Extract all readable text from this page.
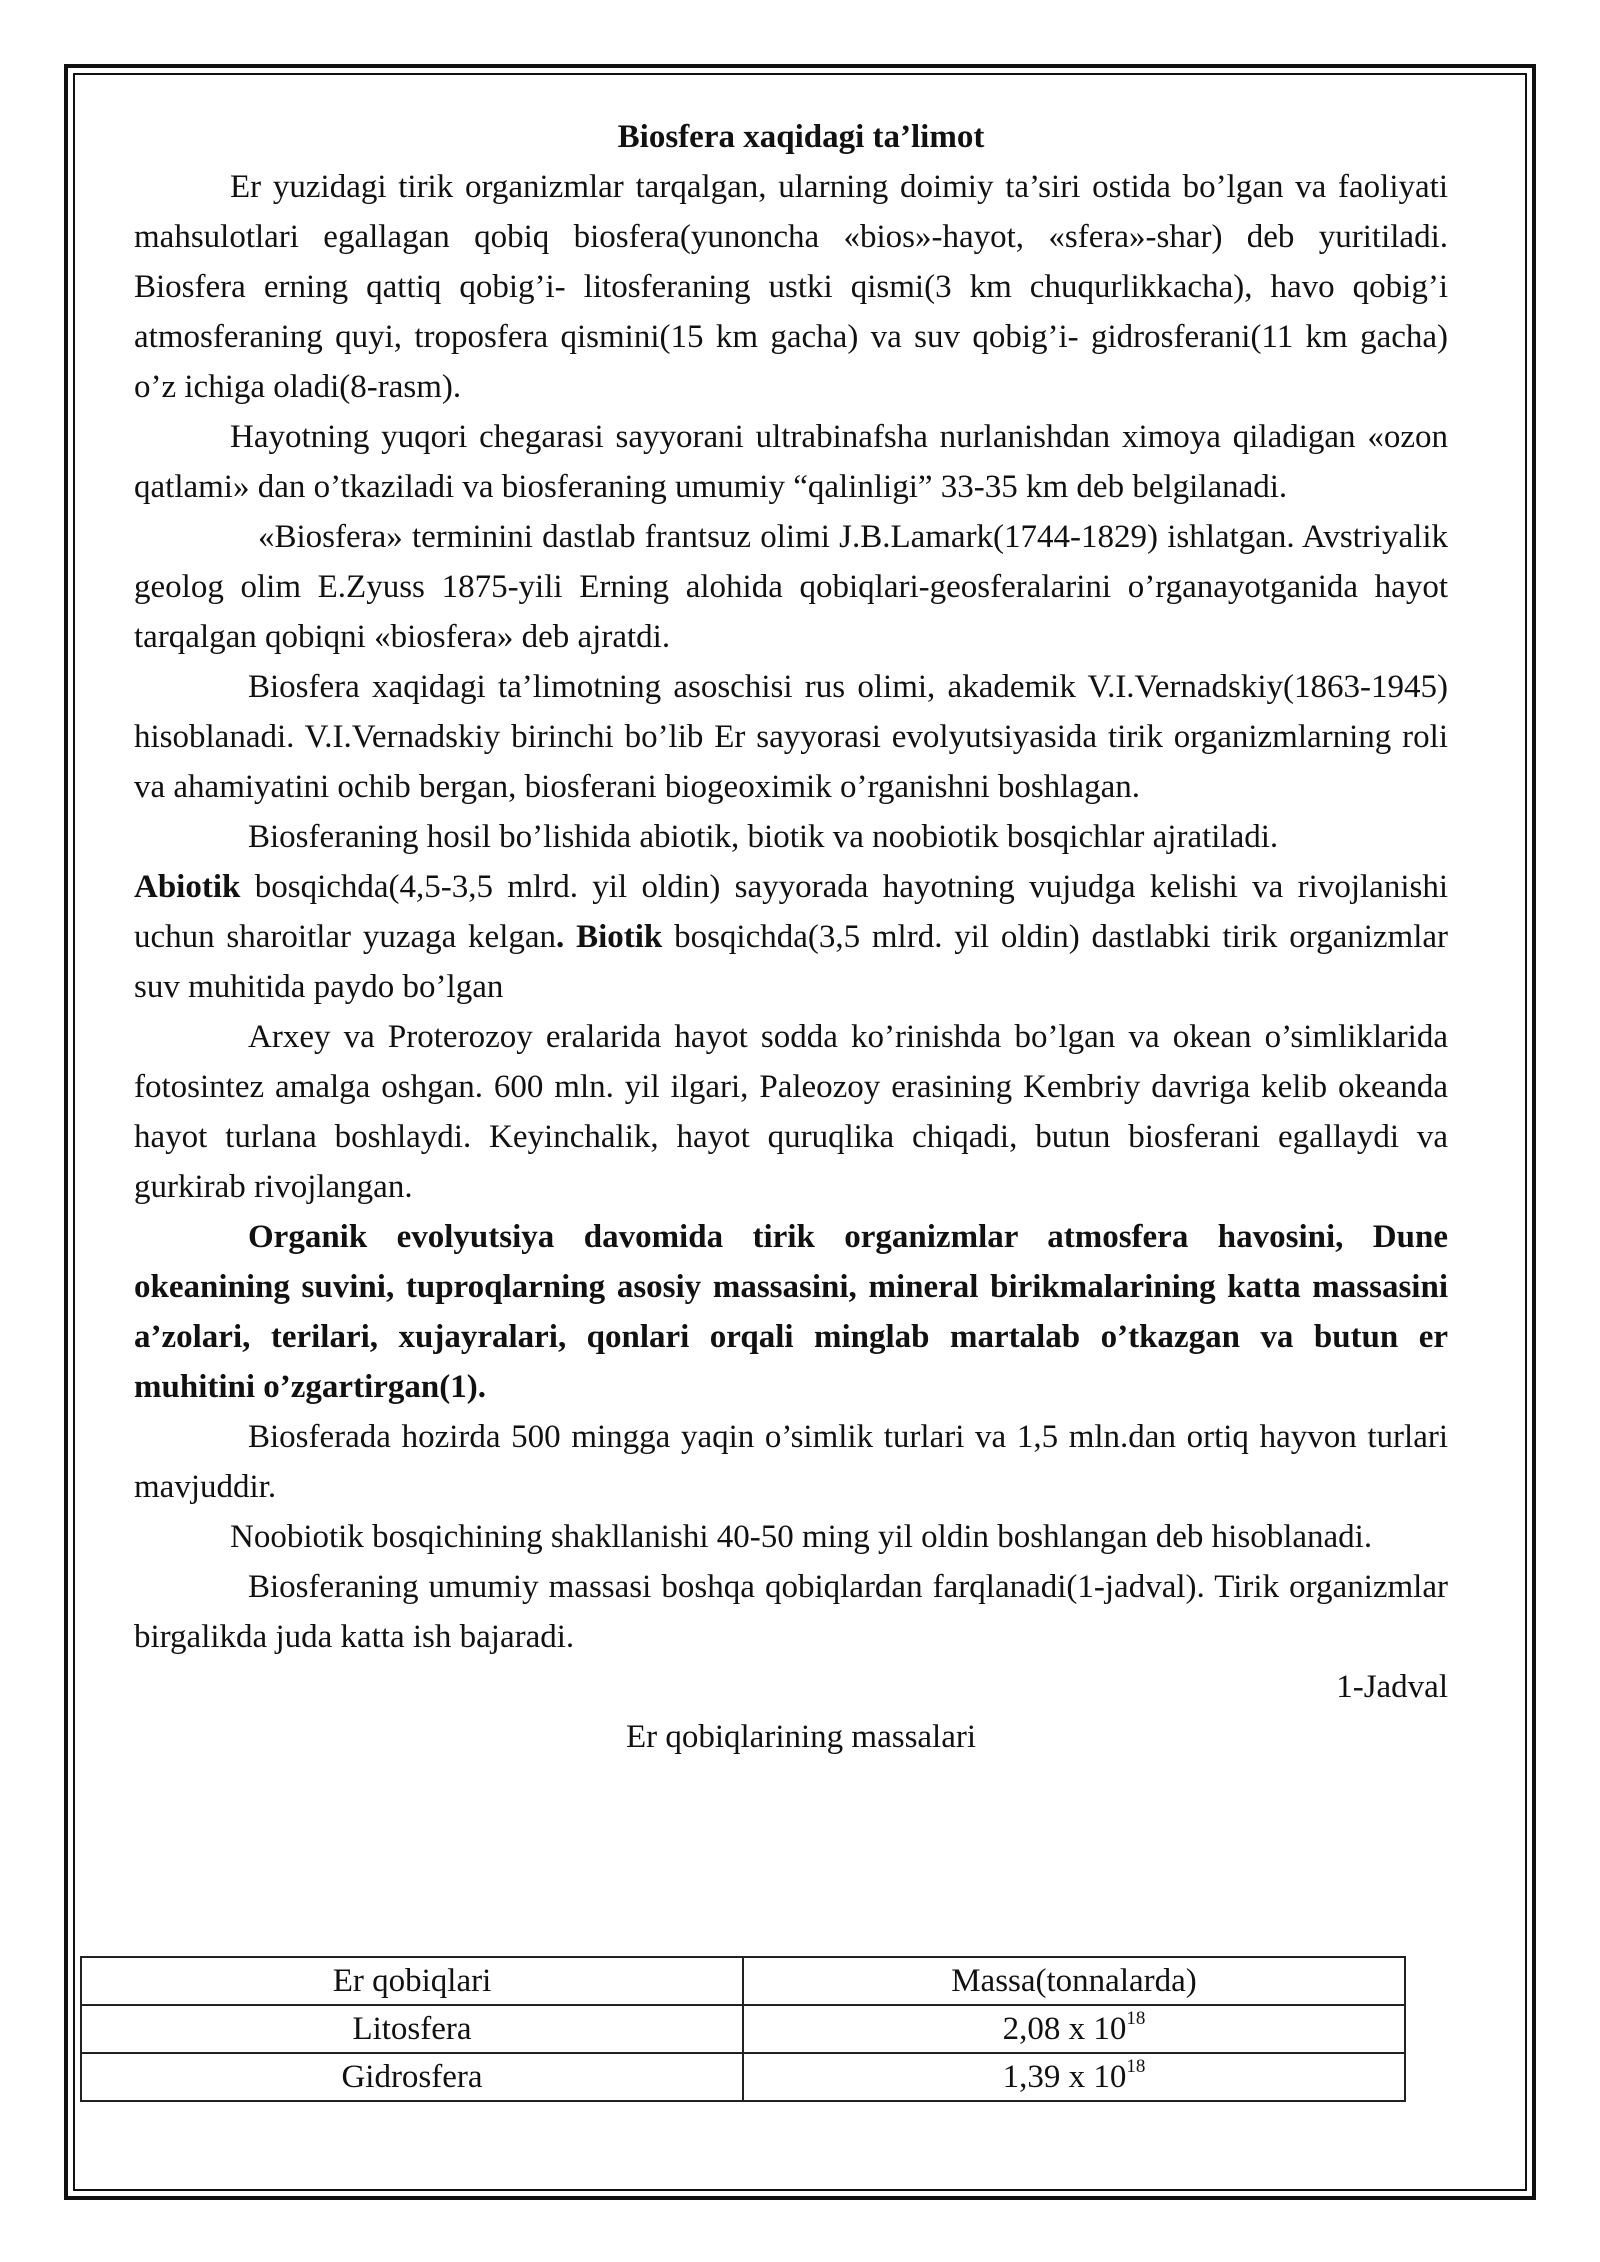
Biosfera xaqidagi ta’limot

Er yuzidagi tirik organizmlar tarqalgan, ularning doimiy ta’siri ostida bo’lgan va faoliyati mahsulotlari egallagan qobiq biosfera(yunoncha «bios»-hayot, «sfera»-shar) deb yuritiladi. Biosfera erning qattiq qobig’i- litosferaning ustki qismi(3 km chuqurlikkacha), havo qobig’i atmosferaning quyi, troposfera qismini(15 km gacha) va suv qobig’i- gidrosferani(11 km gacha) o’z ichiga oladi(8-rasm).

Hayotning yuqori chegarasi sayyorani ultrabinafsha nurlanishdan ximoya qiladigan «ozon qatlami» dan o’tkaziladi va biosferaning umumiy “qalinligi” 33-35 km deb belgilanadi.

«Biosfera» terminini dastlab frantsuz olimi J.B.Lamark(1744-1829) ishlatgan. Avstriyalik geolog olim E.Zyuss 1875-yili Erning alohida qobiqlari-geosferalarini o’rganayotganida hayot tarqalgan qobiqni «biosfera» deb ajratdi.

Biosfera xaqidagi ta’limotning asoschisi rus olimi, akademik V.I.Vernadskiy(1863-1945) hisoblanadi. V.I.Vernadskiy birinchi bo’lib Er sayyorasi evolyutsiyasida tirik organizmlarning roli va ahamiyatini ochib bergan, biosferani biogeoximik o’rganishni boshlagan.

Biosferaning hosil bo’lishida abiotik, biotik va noobiotik bosqichlar ajratiladi.

Abiotik bosqichda(4,5-3,5 mlrd. yil oldin) sayyorada hayotning vujudga kelishi va rivojlanishi uchun sharoitlar yuzaga kelgan. Biotik bosqichda(3,5 mlrd. yil oldin) dastlabki tirik organizmlar suv muhitida paydo bo’lgan

Arxey va Proterozoy eralarida hayot sodda ko’rinishda bo’lgan va okean o’simliklarida fotosintez amalga oshgan. 600 mln. yil ilgari, Paleozoy erasining Kembriy davriga kelib okeanda hayot turlana boshlaydi. Keyinchalik, hayot quruqlika chiqadi, butun biosferani egallaydi va gurkirab rivojlangan.

Organik evolyutsiya davomida tirik organizmlar atmosfera havosini, Dune okeanining suvini, tuproqlarning asosiy massasini, mineral birikmalarining katta massasini a’zolari, terilari, xujayralari, qonlari orqali minglab martalab o’tkazgan va butun er muhitini o’zgartirgan(1).

Biosferada hozirda 500 mingga yaqin o’simlik turlari va 1,5 mln.dan ortiq hayvon turlari mavjuddir.

Noobiotik bosqichining shakllanishi 40-50 ming yil oldin boshlangan deb hisoblanadi.

Biosferaning umumiy massasi boshqa qobiqlardan farqlanadi(1-jadval). Tirik organizmlar birgalikda juda katta ish bajaradi.

1-Jadval

Er qobiqlarining massalari

Er qobiqlari	Massa(tonnalarda)
Litosfera	2,08 x $10^{18}$
Gidrosfera	1,39 x $10^{18}$
